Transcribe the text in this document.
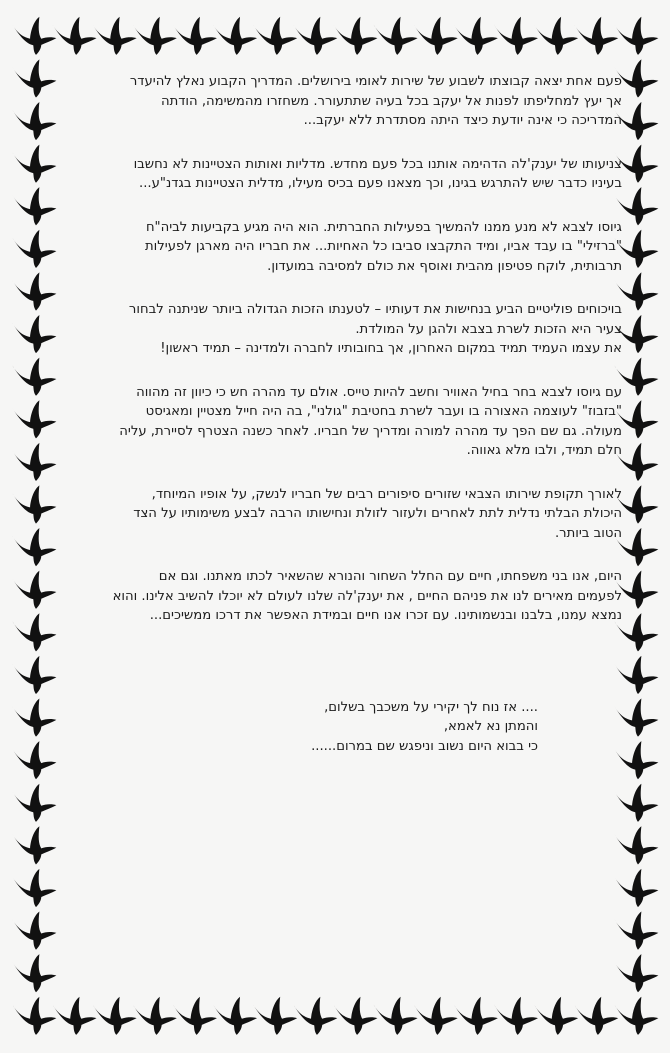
פעם אחת יצאה קבוצתו לשבוע של שירות לאומי בירושלים. המדריך הקבוע נאלץ להיעדר
אך יעץ למחליפתו לפנות אל יעקב בכל בעיה שתתעורר. משחזרו מהמשימה, הודתה
המדריכה כי אינה יודעת כיצד היתה מסתדרת ללא יעקב...
צניעותו של יענק'לה הדהימה אותנו בכל פעם מחדש. מדליות ואותות הצטיינות לא נחשבו
בעיניו כדבר שיש להתרגש בגינו, וכך מצאנו פעם בכיס מעילו, מדלית הצטיינות בגדנ"ע...
גיוסו לצבא לא מנע ממנו להמשיך בפעילות החברתית. הוא היה מגיע בקביעות לביה"ח
"ברזילי" בו עבד אביו, ומיד התקבצו סביבו כל האחיות... את חבריו היה מארגן לפעילות
תרבותית, לוקח פטיפון מהבית ואוסף את כולם למסיבה במועדון.
בויכוחים פוליטיים הביע בנחישות את דעותיו – לטענתו הזכות הגדולה ביותר שניתנה לבחור
צעיר היא הזכות לשרת בצבא ולהגן על המולדת.
את עצמו העמיד תמיד במקום האחרון, אך בחובותיו לחברה ולמדינה – תמיד ראשון!
עם גיוסו לצבא בחר בחיל האוויר וחשב להיות טייס. אולם עד מהרה חש כי כיוון זה מהווה
"בזבוז" לעוצמה האצורה בו ועבר לשרת בחטיבת "גולני", בה היה חייל מצטיין ומאגיסט
מעולה. גם שם הפך עד מהרה למורה ומדריך של חבריו. לאחר כשנה הצטרף לסיירת, עליה
חלם תמיד, ולבו מלא גאווה.
לאורך תקופת שירותו הצבאי שזורים סיפורים רבים של חבריו לנשק, על אופיו המיוחד,
היכולת הבלתי נדלית לתת לאחרים ולעזור לזולת ונחישותו הרבה לבצע משימותיו על הצד
הטוב ביותר.
היום, אנו בני משפחתו, חיים עם החלל השחור והנורא שהשאיר לכתו מאתנו. וגם אם
לפעמים מאירים לנו את פניהם החיים , את יענק'לה שלנו לעולם לא יוכלו להשיב אלינו. והוא
נמצא עמנו, בלבנו ובנשמותינו. עם זכרו אנו חיים ובמידת האפשר את דרכו ממשיכים...
.... אז נוח לך יקירי על משכבך בשלום,
והמתן נא לאמא,
כי בבוא היום נשוב וניפגש שם במרום......
